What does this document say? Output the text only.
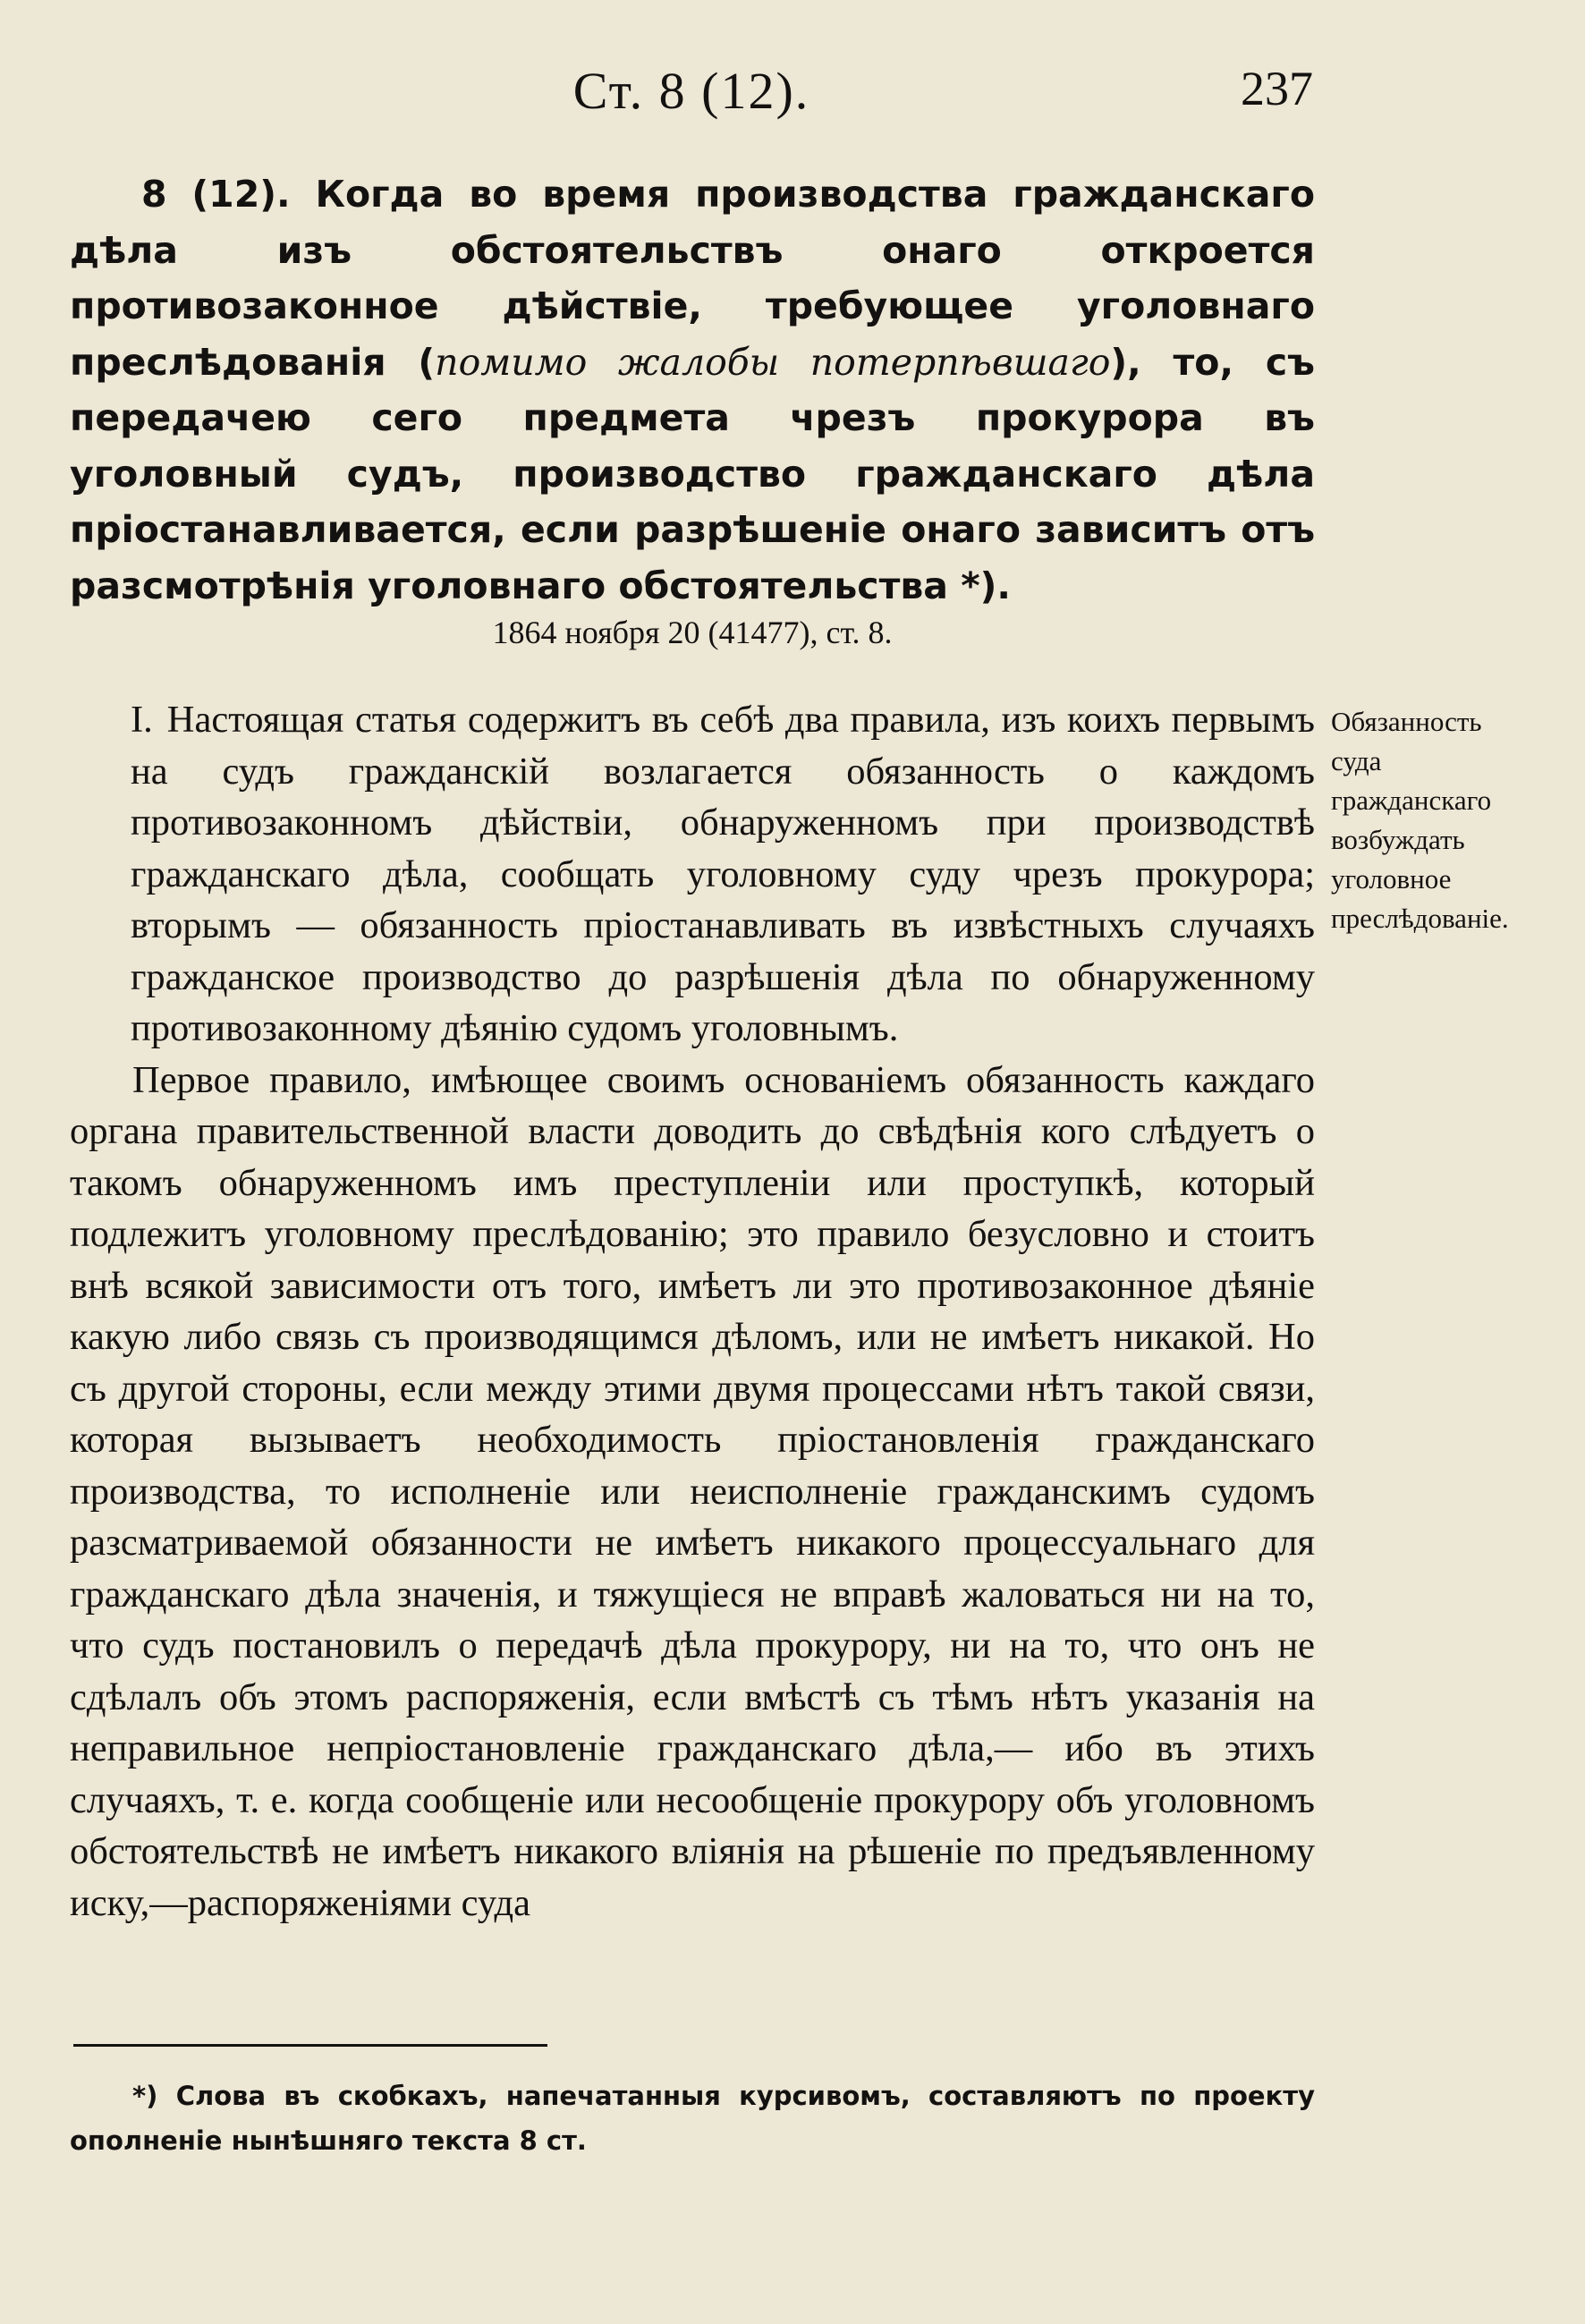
Ст. 8 (12).	237
8 (12). Когда во время производства гражданскаго дѣла изъ обстоятельствъ онаго откроется противозаконное дѣйствіе, требующее уголовнаго преслѣдованія (помимо жалобы потерпѣвшаго), то, съ передачею сего предмета чрезъ прокурора въ уголовный судъ, производство гражданскаго дѣла пріостанавливается, если разрѣшеніе онаго зависитъ отъ разсмотрѣнія уголовнаго обстоятельства *).
1864 ноября 20 (41477), ст. 8.

I. Настоящая статья содержитъ въ себѣ два правила, изъ коихъ первымъ на судъ гражданскій возлагается обязанность о каждомъ противозаконномъ дѣйствіи, обнаруженномъ при производствѣ гражданскаго дѣла, сообщать уголовному суду чрезъ прокурора; вторымъ — обязанность пріостанавливать въ извѣстныхъ случаяхъ гражданское производство до разрѣшенія дѣла по обнаруженному противозаконному дѣянію судомъ уголовнымъ.

Первое правило, имѣющее своимъ основаніемъ обязанность каждаго органа правительственной власти доводить до свѣдѣнія кого слѣдуетъ о такомъ обнаруженномъ имъ преступленіи или проступкѣ, который подлежитъ уголовному преслѣдованію; это правило безусловно и стоитъ внѣ всякой зависимости отъ того, имѣетъ ли это противозаконное дѣяніе какую либо связь съ производящимся дѣломъ, или не имѣетъ никакой. Но съ другой стороны, если между этими двумя процессами нѣтъ такой связи, которая вызываетъ необходимость пріостановленія гражданскаго производства, то исполненіе или неисполненіе гражданскимъ судомъ разсматриваемой обязанности не имѣетъ никакого процессуальнаго для гражданскаго дѣла значенія, и тяжущіеся не вправѣ жаловаться ни на то, что судъ постановилъ о передачѣ дѣла прокурору, ни на то, что онъ не сдѣлалъ объ этомъ распоряженія, если вмѣстѣ съ тѣмъ нѣтъ указанія на неправильное непріостановленіе гражданскаго дѣла,— ибо въ этихъ случаяхъ, т. е. когда сообщеніе или несообщеніе прокурору объ уголовномъ обстоятельствѣ не имѣетъ никакого вліянія на рѣшеніе по предъявленному иску,—распоряженіями суда

Обязанность суда гражданскаго возбуждать уголовное преслѣдованіе.
*) Слова въ скобкахъ, напечатанныя курсивомъ, составляютъ по проекту ополненіе нынѣшняго текста 8 ст.
